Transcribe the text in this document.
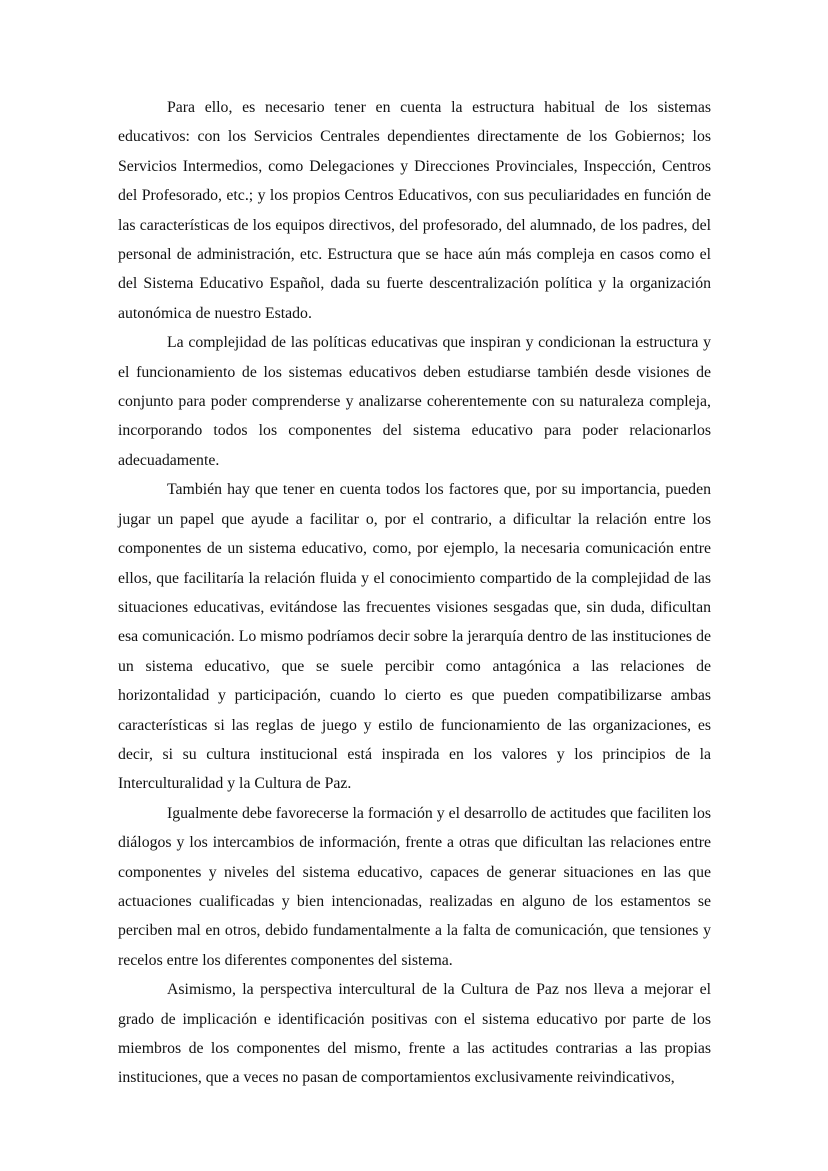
Para ello, es necesario tener en cuenta la estructura habitual de los sistemas educativos: con los Servicios Centrales dependientes directamente de los Gobiernos; los Servicios Intermedios, como Delegaciones y Direcciones Provinciales, Inspección, Centros del Profesorado, etc.; y los propios Centros Educativos, con sus peculiaridades en función de las características de los equipos directivos, del profesorado, del alumnado, de los padres, del personal de administración, etc. Estructura que se hace aún más compleja en casos como el del Sistema Educativo Español, dada su fuerte descentralización política y la organización autonómica de nuestro Estado.

La complejidad de las políticas educativas que inspiran y condicionan la estructura y el funcionamiento de los sistemas educativos deben estudiarse también desde visiones de conjunto para poder comprenderse y analizarse coherentemente con su naturaleza compleja, incorporando todos los componentes del sistema educativo para poder relacionarlos adecuadamente.

También hay que tener en cuenta todos los factores que, por su importancia, pueden jugar un papel que ayude a facilitar o, por el contrario, a dificultar la relación entre los componentes de un sistema educativo, como, por ejemplo, la necesaria comunicación entre ellos, que facilitaría la relación fluida y el conocimiento compartido de la complejidad de las situaciones educativas, evitándose las frecuentes visiones sesgadas que, sin duda, dificultan esa comunicación. Lo mismo podríamos decir sobre la jerarquía dentro de las instituciones de un sistema educativo, que se suele percibir como antagónica a las relaciones de horizontalidad y participación, cuando lo cierto es que pueden compatibilizarse ambas características si las reglas de juego y estilo de funcionamiento de las organizaciones, es decir, si su cultura institucional está inspirada en los valores y los principios de la Interculturalidad y la Cultura de Paz.

Igualmente debe favorecerse la formación y el desarrollo de actitudes que faciliten los diálogos y los intercambios de información, frente a otras que dificultan las relaciones entre componentes y niveles del sistema educativo, capaces de generar situaciones en las que actuaciones cualificadas y bien intencionadas, realizadas en alguno de los estamentos se perciben mal en otros, debido fundamentalmente a la falta de comunicación, que tensiones y recelos entre los diferentes componentes del sistema.

Asimismo, la perspectiva intercultural de la Cultura de Paz nos lleva a mejorar el grado de implicación e identificación positivas con el sistema educativo por parte de los miembros de los componentes del mismo, frente a las actitudes contrarias a las propias instituciones, que a veces no pasan de comportamientos exclusivamente reivindicativos,
